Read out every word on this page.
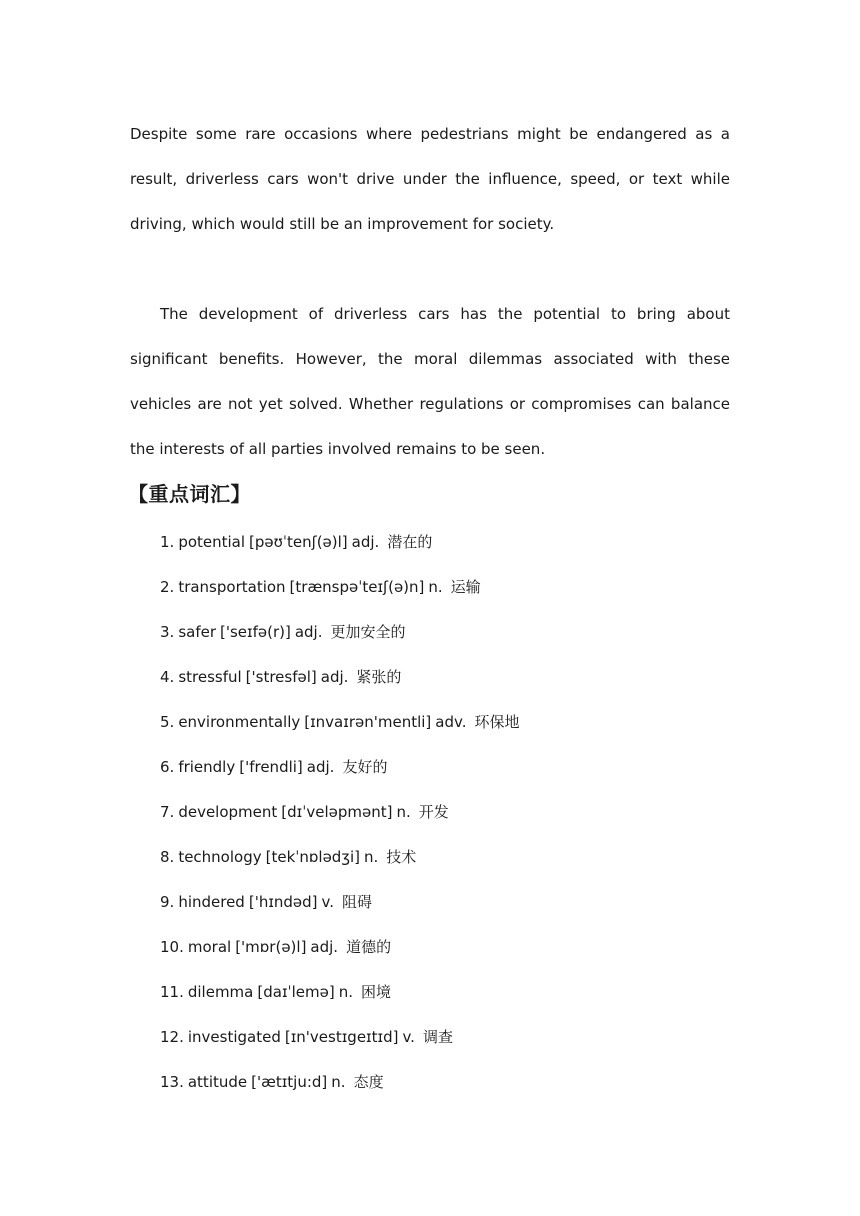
Despite some rare occasions where pedestrians might be endangered as a result, driverless cars won't drive under the influence, speed, or text while driving, which would still be an improvement for society.

The development of driverless cars has the potential to bring about significant benefits. However, the moral dilemmas associated with these vehicles are not yet solved. Whether regulations or compromises can balance the interests of all parties involved remains to be seen.

【重点词汇】
1. potential [pəʊˈtenʃ(ə)l] adj. 潜在的
2. transportation [trænspəˈteɪʃ(ə)n] n. 运输
3. safer ['seɪfə(r)] adj. 更加安全的
4. stressful ['stresfəl] adj. 紧张的
5. environmentally [ɪnvaɪrən'mentli] adv. 环保地
6. friendly ['frendli] adj. 友好的
7. development [dɪˈveləpmənt] n. 开发
8. technology [tekˈnɒlədʒi] n. 技术
9. hindered ['hɪndəd] v. 阻碍
10. moral ['mɒr(ə)l] adj. 道德的
11. dilemma [daɪˈlemə] n. 困境
12. investigated [ɪn'vestɪgeɪtɪd] v. 调查
13. attitude ['ætɪtju:d] n. 态度
